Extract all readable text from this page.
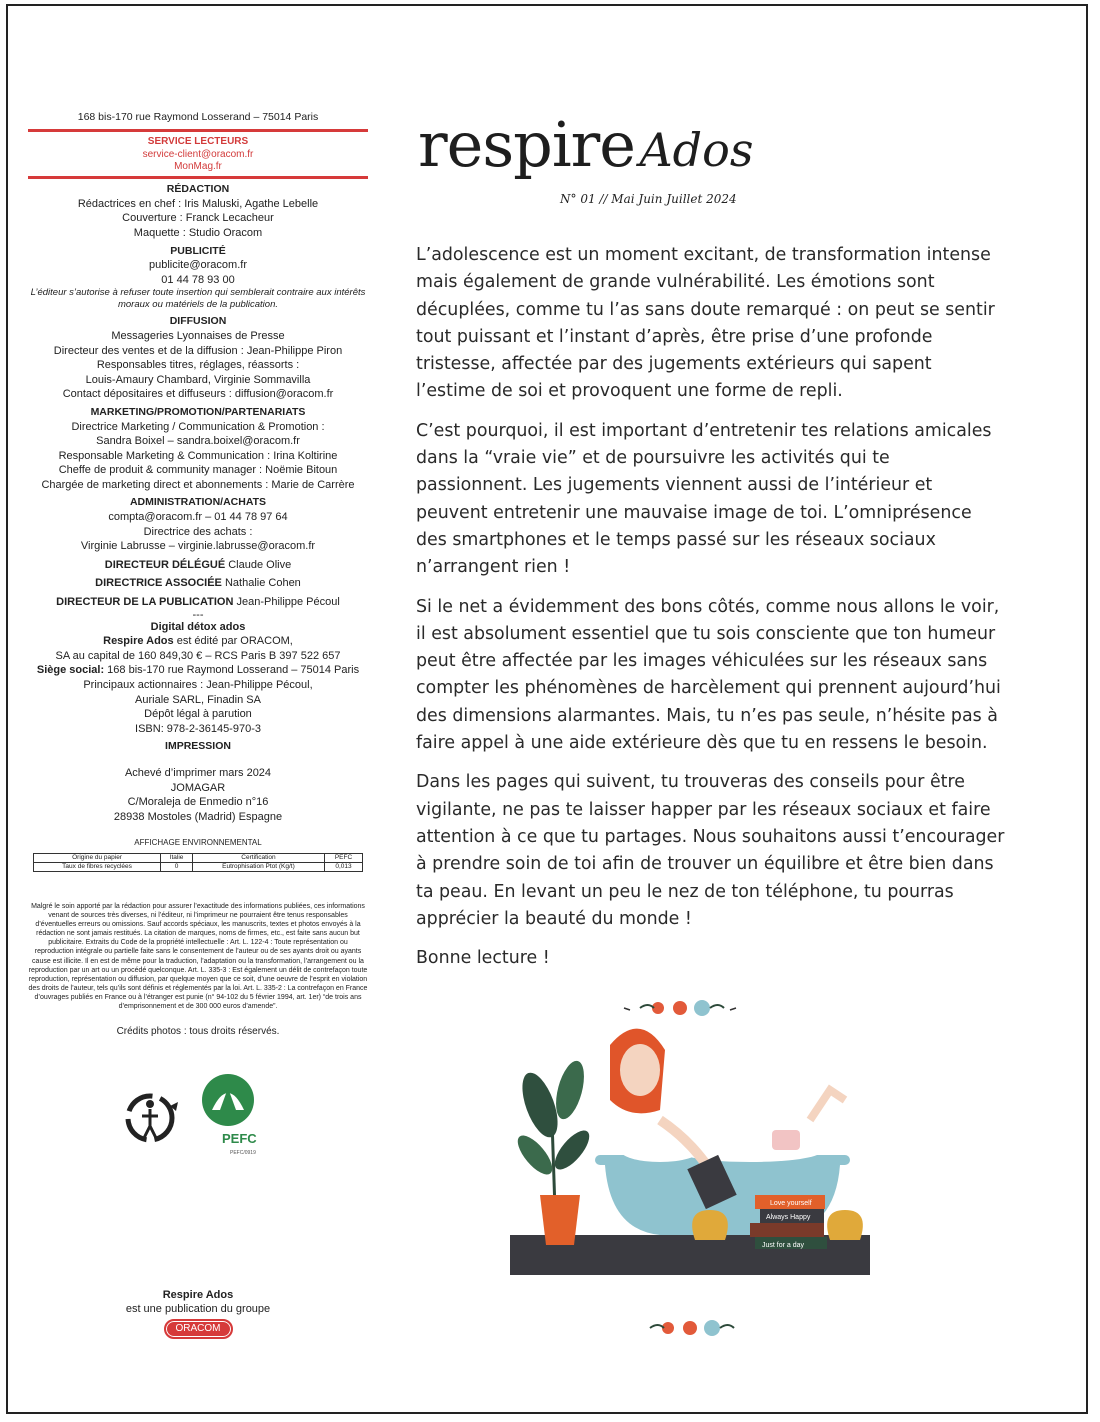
168 bis-170 rue Raymond Losserand – 75014 Paris
SERVICE LECTEURS
service-client@oracom.fr
MonMag.fr
RÉDACTION
Rédactrices en chef : Iris Maluski, Agathe Lebelle
Couverture : Franck Lecacheur
Maquette : Studio Oracom
PUBLICITÉ
publicite@oracom.fr
01 44 78 93 00
L’éditeur s’autorise à refuser toute insertion qui semblerait contraire aux intérêts moraux ou matériels de la publication.
DIFFUSION
Messageries Lyonnaises de Presse
Directeur des ventes et de la diffusion : Jean-Philippe Piron
Responsables titres, réglages, réassorts :
Louis-Amaury Chambard, Virginie Sommavilla
Contact dépositaires et diffuseurs : diffusion@oracom.fr
MARKETING/PROMOTION/PARTENARIATS
Directrice Marketing / Communication & Promotion :
Sandra Boixel – sandra.boixel@oracom.fr
Responsable Marketing & Communication : Irina Koltirine
Cheffe de produit & community manager : Noëmie Bitoun
Chargée de marketing direct et abonnements : Marie de Carrère
ADMINISTRATION/ACHATS
compta@oracom.fr – 01 44 78 97 64
Directrice des achats :
Virginie Labrusse – virginie.labrusse@oracom.fr
DIRECTEUR DÉLÉGUÉ Claude Olive
DIRECTRICE ASSOCIÉE Nathalie Cohen
DIRECTEUR DE LA PUBLICATION Jean-Philippe Pécoul
---
Digital détox ados
Respire Ados est édité par ORACOM,
SA au capital de 160 849,30 € – RCS Paris B 397 522 657
Siège social: 168 bis-170 rue Raymond Losserand – 75014 Paris
Principaux actionnaires : Jean-Philippe Pécoul,
Auriale SARL, Finadin SA
Dépôt légal à parution
ISBN: 978-2-36145-970-3
IMPRESSION
Achevé d’imprimer mars 2024
JOMAGAR
C/Moraleja de Enmedio n°16
28938 Mostoles (Madrid) Espagne
AFFICHAGE ENVIRONNEMENTAL
Origine du papier	Italie	Certification	PEFC
Taux de fibres recyclées	0	Eutrophisation Ptot (Kg/t)	0,013
Malgré le soin apporté par la rédaction pour assurer l’exactitude des informations publiées, ces informations venant de sources très diverses, ni l’éditeur, ni l’imprimeur ne pourraient être tenus responsables d’éventuelles erreurs ou omissions. Sauf accords spéciaux, les manuscrits, textes et photos envoyés à la rédaction ne sont jamais restitués. La citation de marques, noms de firmes, etc., est faite sans aucun but publicitaire. Extraits du Code de la propriété intellectuelle : Art. L. 122-4 : Toute représentation ou reproduction intégrale ou partielle faite sans le consentement de l’auteur ou de ses ayants droit ou ayants cause est illicite. Il en est de même pour la traduction, l’adaptation ou la transformation, l’arrangement ou la reproduction par un art ou un procédé quelconque. Art. L. 335-3 : Est également un délit de contrefaçon toute reproduction, représentation ou diffusion, par quelque moyen que ce soit, d’une oeuvre de l’esprit en violation des droits de l’auteur, tels qu’ils sont définis et réglementés par la loi. Art. L. 335-2 : La contrefaçon en France d’ouvrages publiés en France ou à l’étranger est punie (n° 94-102 du 5 février 1994, art. 1er) “de trois ans d’emprisonnement et de 300 000 euros d’amende”.
Crédits photos : tous droits réservés.
PEFC
PEFC/0919
Respire Ados
est une publication du groupe
ORACOM
respire Ados
N° 01 // Mai Juin Juillet 2024

L’adolescence est un moment excitant, de transformation intense mais également de grande vulnérabilité. Les émotions sont décuplées, comme tu l’as sans doute remarqué : on peut se sentir tout puissant et l’instant d’après, être prise d’une profonde tristesse, affectée par des jugements extérieurs qui sapent l’estime de soi et provoquent une forme de repli.

C’est pourquoi, il est important d’entretenir tes relations amicales dans la “vraie vie” et de poursuivre les activités qui te passionnent. Les jugements viennent aussi de l’intérieur et peuvent entretenir une mauvaise image de toi. L’omniprésence des smartphones et le temps passé sur les réseaux sociaux n’arrangent rien !

Si le net a évidemment des bons côtés, comme nous allons le voir, il est absolument essentiel que tu sois consciente que ton humeur peut être affectée par les images véhiculées sur les réseaux sans compter les phénomènes de harcèlement qui prennent aujourd’hui des dimensions alarmantes. Mais, tu n’es pas seule, n’hésite pas à faire appel à une aide extérieure dès que tu en ressens le besoin.

Dans les pages qui suivent, tu trouveras des conseils pour être vigilante, ne pas te laisser happer par les réseaux sociaux et faire attention à ce que tu partages. Nous souhaitons aussi t’encourager à prendre soin de toi afin de trouver un équilibre et être bien dans ta peau. En levant un peu le nez de ton téléphone, tu pourras apprécier la beauté du monde !

Bonne lecture !

Love yourself
Always Happy
Just for a day
